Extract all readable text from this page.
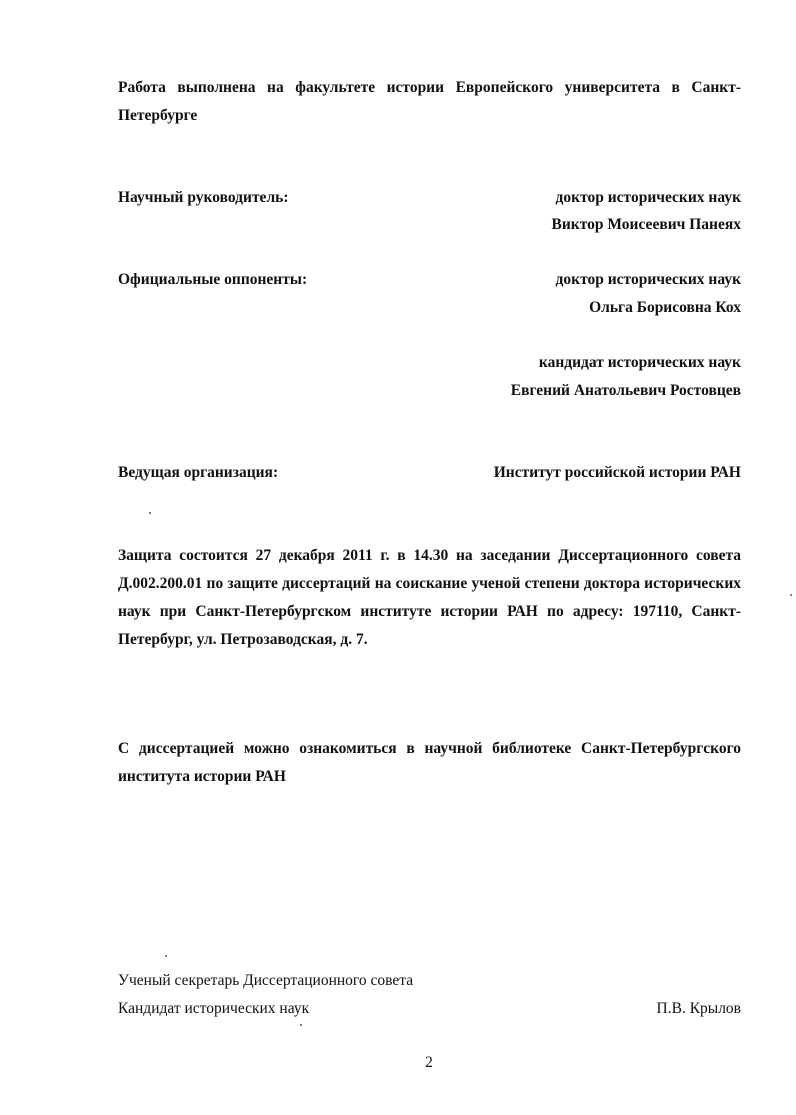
Работа выполнена на факультете истории Европейского университета в Санкт-Петербурге
Научный руководитель:	доктор исторических наук
Виктор Моисеевич Панеях
Официальные оппоненты:	доктор исторических наук
Ольга Борисовна Кох
кандидат исторических наук
Евгений Анатольевич Ростовцев
Ведущая организация:	Институт российской истории РАН
Защита состоится 27 декабря 2011 г. в 14.30 на заседании Диссертационного совета Д.002.200.01 по защите диссертаций на соискание ученой степени доктора исторических наук при Санкт-Петербургском институте истории РАН по адресу: 197110, Санкт-Петербург, ул. Петрозаводская, д. 7.
С диссертацией можно ознакомиться в научной библиотеке Санкт-Петербургского института истории РАН
Ученый секретарь Диссертационного совета
Кандидат исторических наук	П.В. Крылов
2
